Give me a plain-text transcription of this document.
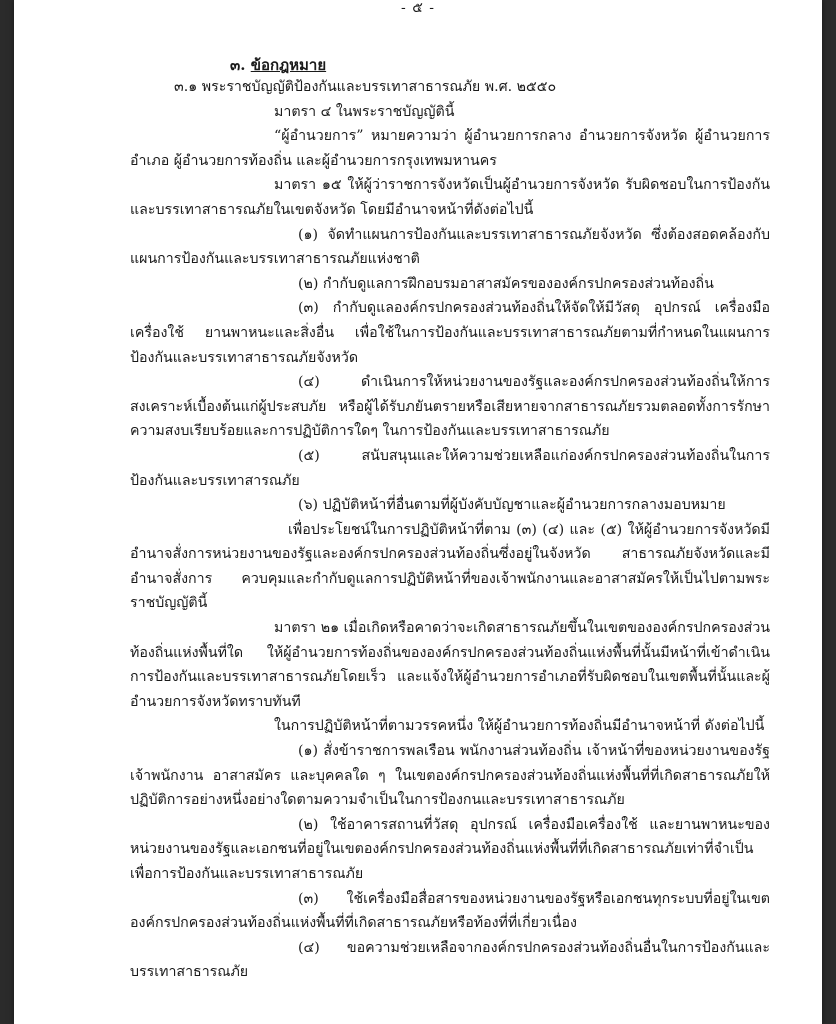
- ๕ -
๓. ข้อกฎหมาย

๓.๑ พระราชบัญญัติป้องกันและบรรเทาสาธารณภัย พ.ศ. ๒๕๕๐

มาตรา ๔ ในพระราชบัญญัตินี้

“ผู้อำนวยการ” หมายความว่า ผู้อำนวยการกลาง อำนวยการจังหวัด ผู้อำนวยการอำเภอ ผู้อำนวยการท้องถิ่น และผู้อำนวยการกรุงเทพมหานคร

มาตรา ๑๕ ให้ผู้ว่าราชการจังหวัดเป็นผู้อำนวยการจังหวัด รับผิดชอบในการป้องกันและบรรเทาสาธารณภัยในเขตจังหวัด โดยมีอำนาจหน้าที่ดังต่อไปนี้

(๑) จัดทำแผนการป้องกันและบรรเทาสาธารณภัยจังหวัด ซึ่งต้องสอดคล้องกับแผนการป้องกันและบรรเทาสาธารณภัยแห่งชาติ

(๒) กำกับดูแลการฝึกอบรมอาสาสมัครขององค์กรปกครองส่วนท้องถิ่น

(๓) กำกับดูแลองค์กรปกครองส่วนท้องถิ่นให้จัดให้มีวัสดุ อุปกรณ์ เครื่องมือเครื่องใช้ ยานพาหนะและสิ่งอื่น เพื่อใช้ในการป้องกันและบรรเทาสาธารณภัยตามที่กำหนดในแผนการป้องกันและบรรเทาสาธารณภัยจังหวัด

(๔) ดำเนินการให้หน่วยงานของรัฐและองค์กรปกครองส่วนท้องถิ่นให้การสงเคราะห์เบื้องต้นแก่ผู้ประสบภัย หรือผู้ได้รับภยันตรายหรือเสียหายจากสาธารณภัยรวมตลอดทั้งการรักษาความสงบเรียบร้อยและการปฏิบัติการใดๆ ในการป้องกันและบรรเทาสาธารณภัย

(๕) สนับสนุนและให้ความช่วยเหลือแก่องค์กรปกครองส่วนท้องถิ่นในการป้องกันและบรรเทาสารณภัย

(๖) ปฏิบัติหน้าที่อื่นตามที่ผู้บังคับบัญชาและผู้อำนวยการกลางมอบหมาย

เพื่อประโยชน์ในการปฏิบัติหน้าที่ตาม (๓) (๔) และ (๕) ให้ผู้อำนวยการจังหวัดมีอำนาจสั่งการหน่วยงานของรัฐและองค์กรปกครองส่วนท้องถิ่นซึ่งอยู่ในจังหวัด สาธารณภัยจังหวัดและมีอำนาจสั่งการ ควบคุมและกำกับดูแลการปฏิบัติหน้าที่ของเจ้าพนักงานและอาสาสมัครให้เป็นไปตามพระราชบัญญัตินี้

มาตรา ๒๑ เมื่อเกิดหรือคาดว่าจะเกิดสาธารณภัยขึ้นในเขตขององค์กรปกครองส่วนท้องถิ่นแห่งพื้นที่ใด ให้ผู้อำนวยการท้องถิ่นขององค์กรปกครองส่วนท้องถิ่นแห่งพื้นที่นั้นมีหน้าที่เข้าดำเนินการป้องกันและบรรเทาสาธารณภัยโดยเร็ว และแจ้งให้ผู้อำนวยการอำเภอที่รับผิดชอบในเขตพื้นที่นั้นและผู้อำนวยการจังหวัดทราบทันที

ในการปฏิบัติหน้าที่ตามวรรคหนึ่ง ให้ผู้อำนวยการท้องถิ่นมีอำนาจหน้าที่ ดังต่อไปนี้

(๑) สั่งข้าราชการพลเรือน พนักงานส่วนท้องถิ่น เจ้าหน้าที่ของหน่วยงานของรัฐ เจ้าพนักงาน อาสาสมัคร และบุคคลใด ๆ ในเขตองค์กรปกครองส่วนท้องถิ่นแห่งพื้นที่ที่เกิดสาธารณภัยให้ปฏิบัติการอย่างหนึ่งอย่างใดตามความจำเป็นในการป้องกนและบรรเทาสาธารณภัย

(๒) ใช้อาคารสถานที่วัสดุ อุปกรณ์ เครื่องมือเครื่องใช้ และยานพาหนะของหน่วยงานของรัฐและเอกชนที่อยู่ในเขตองค์กรปกครองส่วนท้องถิ่นแห่งพื้นที่ที่เกิดสาธารณภัยเท่าที่จำเป็น เพื่อการป้องกันและบรรเทาสาธารณภัย

(๓) ใช้เครื่องมือสื่อสารของหน่วยงานของรัฐหรือเอกชนทุกระบบที่อยู่ในเขตองค์กรปกครองส่วนท้องถิ่นแห่งพื้นที่ที่เกิดสาธารณภัยหรือท้องที่ที่เกี่ยวเนื่อง

(๔) ขอความช่วยเหลือจากองค์กรปกครองส่วนท้องถิ่นอื่นในการป้องกันและบรรเทาสาธารณภัย
